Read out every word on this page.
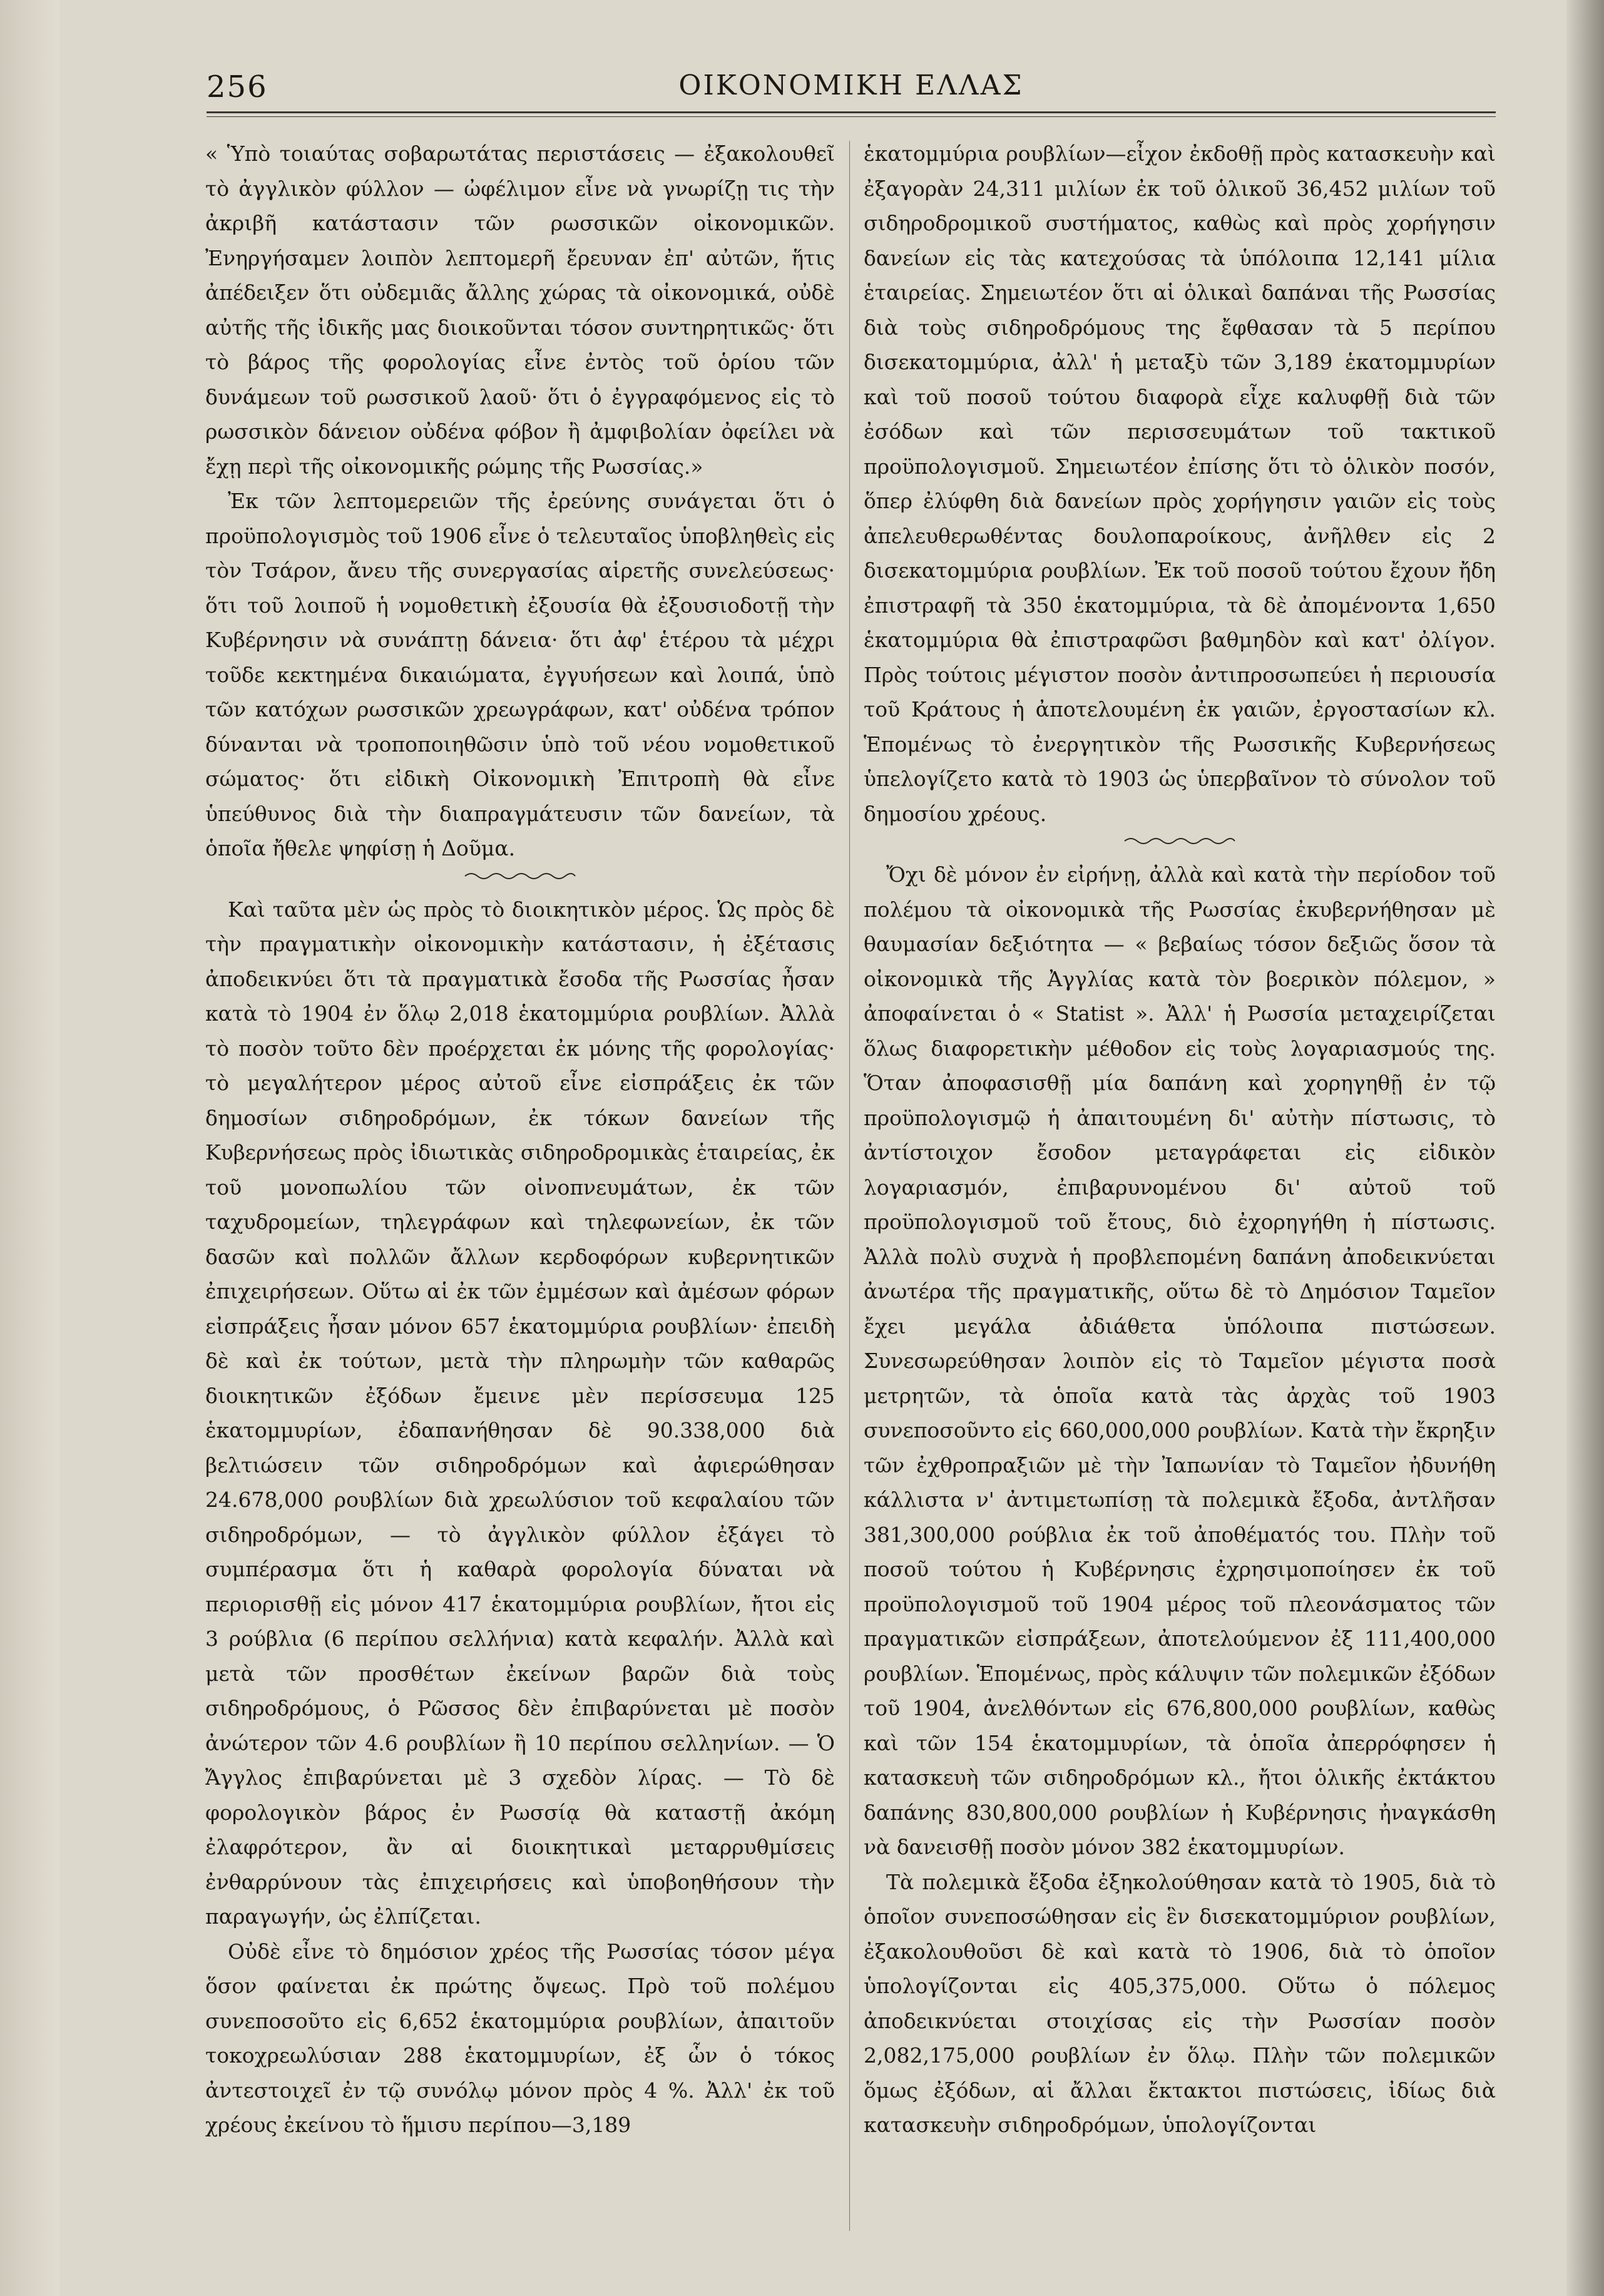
256	ΟΙΚΟΝΟΜΙΚΗ ΕΛΛΑΣ

« Ὑπὸ τοιαύτας σοβαρωτάτας περιστάσεις — ἐξακολουθεῖ τὸ ἀγγλικὸν φύλλον — ὠφέλιμον εἶνε νὰ γνωρίζῃ τις τὴν ἀκριβῆ κατάστασιν τῶν ρωσσικῶν οἰκονομικῶν. Ἐνηργήσαμεν λοιπὸν λεπτομερῆ ἔρευναν ἐπ' αὐτῶν, ἥτις ἀπέδειξεν ὅτι οὐδεμιᾶς ἄλλης χώρας τὰ οἰκονομικά, οὐδὲ αὐτῆς τῆς ἰδικῆς μας διοικοῦνται τόσον συντηρητικῶς· ὅτι τὸ βάρος τῆς φορολογίας εἶνε ἐντὸς τοῦ ὁρίου τῶν δυνάμεων τοῦ ρωσσικοῦ λαοῦ· ὅτι ὁ ἐγγραφόμενος εἰς τὸ ρωσσικὸν δάνειον οὐδένα φόβον ἢ ἀμφιβολίαν ὀφείλει νὰ ἔχῃ περὶ τῆς οἰκονομικῆς ρώμης τῆς Ρωσσίας.»

Ἐκ τῶν λεπτομερειῶν τῆς ἐρεύνης συνάγεται ὅτι ὁ προϋπολογισμὸς τοῦ 1906 εἶνε ὁ τελευταῖος ὑποβληθεὶς εἰς τὸν Τσάρον, ἄνευ τῆς συνεργασίας αἱρετῆς συνελεύσεως· ὅτι τοῦ λοιποῦ ἡ νομοθετικὴ ἐξουσία θὰ ἐξουσιοδοτῇ τὴν Κυβέρνησιν νὰ συνάπτῃ δάνεια· ὅτι ἀφ' ἑτέρου τὰ μέχρι τοῦδε κεκτημένα δικαιώματα, ἐγγυήσεων καὶ λοιπά, ὑπὸ τῶν κατόχων ρωσσικῶν χρεωγράφων, κατ' οὐδένα τρόπον δύνανται νὰ τροποποιηθῶσιν ὑπὸ τοῦ νέου νομοθετικοῦ σώματος· ὅτι εἰδικὴ Οἰκονομικὴ Ἐπιτροπὴ θὰ εἶνε ὑπεύθυνος διὰ τὴν διαπραγμάτευσιν τῶν δανείων, τὰ ὁποῖα ἤθελε ψηφίσῃ ἡ Δοῦμα.

Καὶ ταῦτα μὲν ὡς πρὸς τὸ διοικητικὸν μέρος. Ὡς πρὸς δὲ τὴν πραγματικὴν οἰκονομικὴν κατάστασιν, ἡ ἐξέτασις ἀποδεικνύει ὅτι τὰ πραγματικὰ ἔσοδα τῆς Ρωσσίας ἦσαν κατὰ τὸ 1904 ἐν ὅλῳ 2,018 ἑκατομμύρια ρουβλίων. Ἀλλὰ τὸ ποσὸν τοῦτο δὲν προέρχεται ἐκ μόνης τῆς φορολογίας· τὸ μεγαλήτερον μέρος αὐτοῦ εἶνε εἰσπράξεις ἐκ τῶν δημοσίων σιδηροδρόμων, ἐκ τόκων δανείων τῆς Κυβερνήσεως πρὸς ἰδιωτικὰς σιδηροδρομικὰς ἑταιρείας, ἐκ τοῦ μονοπωλίου τῶν οἰνοπνευμάτων, ἐκ τῶν ταχυδρομείων, τηλεγράφων καὶ τηλεφωνείων, ἐκ τῶν δασῶν καὶ πολλῶν ἄλλων κερδοφόρων κυβερνητικῶν ἐπιχειρήσεων. Οὕτω αἱ ἐκ τῶν ἐμμέσων καὶ ἀμέσων φόρων εἰσπράξεις ἦσαν μόνον 657 ἑκατομμύρια ρουβλίων· ἐπειδὴ δὲ καὶ ἐκ τούτων, μετὰ τὴν πληρωμὴν τῶν καθαρῶς διοικητικῶν ἐξόδων ἔμεινε μὲν περίσσευμα 125 ἑκατομμυρίων, ἐδαπανήθησαν δὲ 90.338,000 διὰ βελτιώσειν τῶν σιδηροδρόμων καὶ ἀφιερώθησαν 24.678,000 ρουβλίων διὰ χρεωλύσιον τοῦ κεφαλαίου τῶν σιδηροδρόμων, — τὸ ἀγγλικὸν φύλλον ἐξάγει τὸ συμπέρασμα ὅτι ἡ καθαρὰ φορολογία δύναται νὰ περιορισθῇ εἰς μόνον 417 ἑκατομμύρια ρουβλίων, ἤτοι εἰς 3 ρούβλια (6 περίπου σελλήνια) κατὰ κεφαλήν. Ἀλλὰ καὶ μετὰ τῶν προσθέτων ἐκείνων βαρῶν διὰ τοὺς σιδηροδρόμους, ὁ Ρῶσσος δὲν ἐπιβαρύνεται μὲ ποσὸν ἀνώτερον τῶν 4.6 ρουβλίων ἢ 10 περίπου σελληνίων. — Ὁ Ἄγγλος ἐπιβαρύνεται μὲ 3 σχεδὸν λίρας. — Τὸ δὲ φορολογικὸν βάρος ἐν Ρωσσίᾳ θὰ καταστῇ ἀκόμη ἐλαφρότερον, ἂν αἱ διοικητικαὶ μεταρρυθμίσεις ἐνθαρρύνουν τὰς ἐπιχειρήσεις καὶ ὑποβοηθήσουν τὴν παραγωγήν, ὡς ἐλπίζεται.

Οὐδὲ εἶνε τὸ δημόσιον χρέος τῆς Ρωσσίας τόσον μέγα ὅσον φαίνεται ἐκ πρώτης ὄψεως. Πρὸ τοῦ πολέμου συνεποσοῦτο εἰς 6,652 ἑκατομμύρια ρουβλίων, ἀπαιτοῦν τοκοχρεωλύσιαν 288 ἑκατομμυρίων, ἐξ ὧν ὁ τόκος ἀντεστοιχεῖ ἐν τῷ συνόλῳ μόνον πρὸς 4 %. Ἀλλ' ἐκ τοῦ χρέους ἐκείνου τὸ ἥμισυ περίπου—3,189

ἑκατομμύρια ρουβλίων—εἶχον ἐκδοθῇ πρὸς κατασκευὴν καὶ ἐξαγορὰν 24,311 μιλίων ἐκ τοῦ ὁλικοῦ 36,452 μιλίων τοῦ σιδηροδρομικοῦ συστήματος, καθὼς καὶ πρὸς χορήγησιν δανείων εἰς τὰς κατεχούσας τὰ ὑπόλοιπα 12,141 μίλια ἑταιρείας. Σημειωτέον ὅτι αἱ ὁλικαὶ δαπάναι τῆς Ρωσσίας διὰ τοὺς σιδηροδρόμους της ἔφθασαν τὰ 5 περίπου δισεκατομμύρια, ἀλλ' ἡ μεταξὺ τῶν 3,189 ἑκατομμυρίων καὶ τοῦ ποσοῦ τούτου διαφορὰ εἶχε καλυφθῇ διὰ τῶν ἐσόδων καὶ τῶν περισσευμάτων τοῦ τακτικοῦ προϋπολογισμοῦ. Σημειωτέον ἐπίσης ὅτι τὸ ὁλικὸν ποσόν, ὅπερ ἐλύφθη διὰ δανείων πρὸς χορήγησιν γαιῶν εἰς τοὺς ἀπελευθερωθέντας δουλοπαροίκους, ἀνῆλθεν εἰς 2 δισεκατομμύρια ρουβλίων. Ἐκ τοῦ ποσοῦ τούτου ἔχουν ἤδη ἐπιστραφῆ τὰ 350 ἑκατομμύρια, τὰ δὲ ἀπομένοντα 1,650 ἑκατομμύρια θὰ ἐπιστραφῶσι βαθμηδὸν καὶ κατ' ὀλίγον. Πρὸς τούτοις μέγιστον ποσὸν ἀντιπροσωπεύει ἡ περιουσία τοῦ Κράτους ἡ ἀποτελουμένη ἐκ γαιῶν, ἐργοστασίων κλ. Ἑπομένως τὸ ἐνεργητικὸν τῆς Ρωσσικῆς Κυβερνήσεως ὑπελογίζετο κατὰ τὸ 1903 ὡς ὑπερβαῖνον τὸ σύνολον τοῦ δημοσίου χρέους.

Ὄχι δὲ μόνον ἐν εἰρήνῃ, ἀλλὰ καὶ κατὰ τὴν περίοδον τοῦ πολέμου τὰ οἰκονομικὰ τῆς Ρωσσίας ἐκυβερνήθησαν μὲ θαυμασίαν δεξιότητα — « βεβαίως τόσον δεξιῶς ὅσον τὰ οἰκονομικὰ τῆς Ἀγγλίας κατὰ τὸν βοερικὸν πόλεμον, » ἀποφαίνεται ὁ « Statist ». Ἀλλ' ἡ Ρωσσία μεταχειρίζεται ὅλως διαφορετικὴν μέθοδον εἰς τοὺς λογαριασμούς της. Ὅταν ἀποφασισθῇ μία δαπάνη καὶ χορηγηθῇ ἐν τῷ προϋπολογισμῷ ἡ ἀπαιτουμένη δι' αὐτὴν πίστωσις, τὸ ἀντίστοιχον ἔσοδον μεταγράφεται εἰς εἰδικὸν λογαριασμόν, ἐπιβαρυνομένου δι' αὐτοῦ τοῦ προϋπολογισμοῦ τοῦ ἔτους, διὸ ἐχορηγήθη ἡ πίστωσις. Ἀλλὰ πολὺ συχνὰ ἡ προβλεπομένη δαπάνη ἀποδεικνύεται ἀνωτέρα τῆς πραγματικῆς, οὕτω δὲ τὸ Δημόσιον Ταμεῖον ἔχει μεγάλα ἀδιάθετα ὑπόλοιπα πιστώσεων. Συνεσωρεύθησαν λοιπὸν εἰς τὸ Ταμεῖον μέγιστα ποσὰ μετρητῶν, τὰ ὁποῖα κατὰ τὰς ἀρχὰς τοῦ 1903 συνεποσοῦντο εἰς 660,000,000 ρουβλίων. Κατὰ τὴν ἔκρηξιν τῶν ἐχθροπραξιῶν μὲ τὴν Ἰαπωνίαν τὸ Ταμεῖον ἠδυνήθη κάλλιστα ν' ἀντιμετωπίσῃ τὰ πολεμικὰ ἔξοδα, ἀντλῆσαν 381,300,000 ρούβλια ἐκ τοῦ ἀποθέματός του. Πλὴν τοῦ ποσοῦ τούτου ἡ Κυβέρνησις ἐχρησιμοποίησεν ἐκ τοῦ προϋπολογισμοῦ τοῦ 1904 μέρος τοῦ πλεονάσματος τῶν πραγματικῶν εἰσπράξεων, ἀποτελούμενον ἐξ 111,400,000 ρουβλίων. Ἑπομένως, πρὸς κάλυψιν τῶν πολεμικῶν ἐξόδων τοῦ 1904, ἀνελθόντων εἰς 676,800,000 ρουβλίων, καθὼς καὶ τῶν 154 ἑκατομμυρίων, τὰ ὁποῖα ἀπερρόφησεν ἡ κατασκευὴ τῶν σιδηροδρόμων κλ., ἤτοι ὁλικῆς ἐκτάκτου δαπάνης 830,800,000 ρουβλίων ἡ Κυβέρνησις ἠναγκάσθη νὰ δανεισθῇ ποσὸν μόνον 382 ἑκατομμυρίων.

Τὰ πολεμικὰ ἔξοδα ἐξηκολούθησαν κατὰ τὸ 1905, διὰ τὸ ὁποῖον συνεποσώθησαν εἰς ἓν δισεκατομμύριον ρουβλίων, ἐξακολουθοῦσι δὲ καὶ κατὰ τὸ 1906, διὰ τὸ ὁποῖον ὑπολογίζονται εἰς 405,375,000. Οὕτω ὁ πόλεμος ἀποδεικνύεται στοιχίσας εἰς τὴν Ρωσσίαν ποσὸν 2,082,175,000 ρουβλίων ἐν ὅλῳ. Πλὴν τῶν πολεμικῶν ὅμως ἐξόδων, αἱ ἄλλαι ἔκτακτοι πιστώσεις, ἰδίως διὰ κατασκευὴν σιδηροδρόμων, ὑπολογίζονται
